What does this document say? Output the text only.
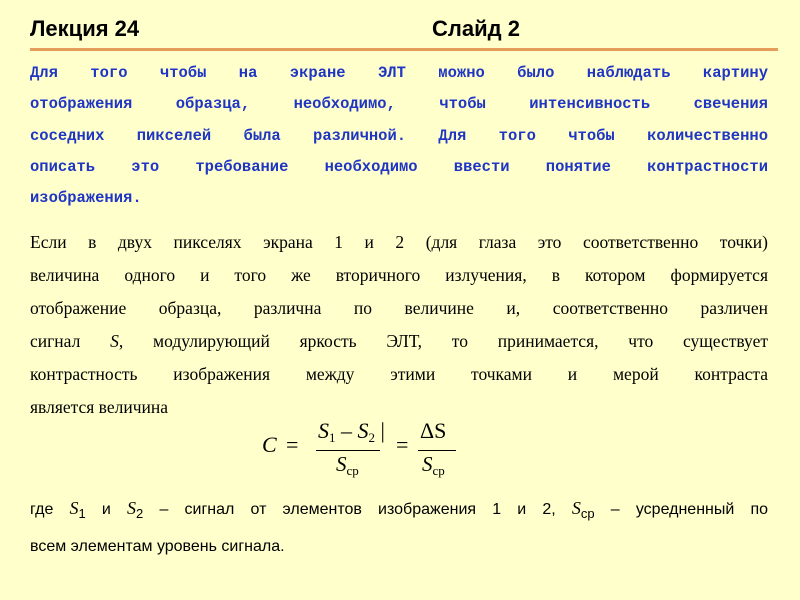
Лекция 24	Слайд 2
Для того чтобы на экране ЭЛТ можно было наблюдать картину
отображения образца, необходимо, чтобы интенсивность свечения
соседних пикселей была различной. Для того чтобы количественно
описать это требование необходимо ввести понятие контрастности
изображения.
Если в двух пикселях экрана 1 и 2 (для глаза это соответственно точки)
величина одного и того же вторичного излучения, в котором формируется
отображение образца, различна по величине и, соответственно различен
сигнал S, модулирующий яркость ЭЛТ, то принимается, что существует
контрастность изображения между этими точками и мерой контраста
является величина
C =
$S_1 - S_2$ |
$S_{ср}$
=
ΔS
$S_{ср}$
где $S_1$ и $S_2$ – сигнал от элементов изображения 1 и 2, $S_{ср}$ – усредненный по
всем элементам уровень сигнала.
